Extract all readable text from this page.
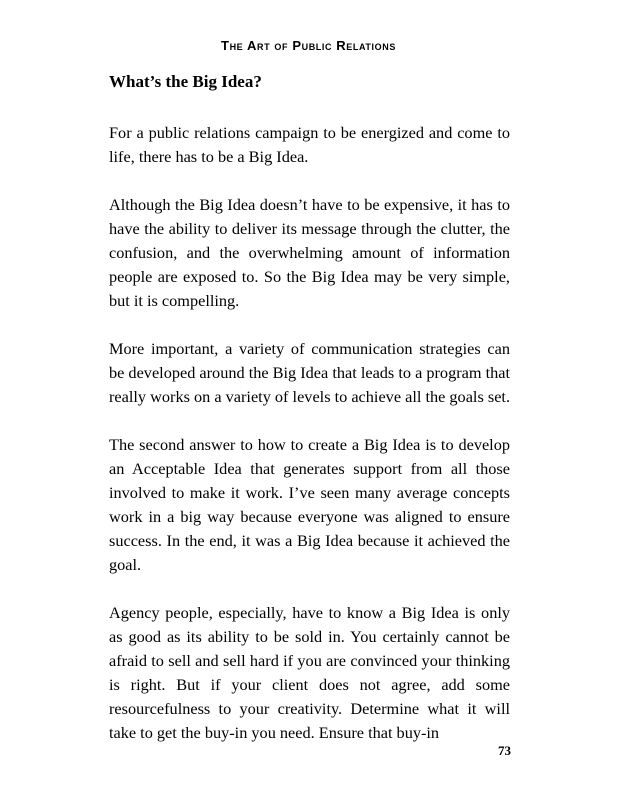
The Art of Public Relations
What’s the Big Idea?

For a public relations campaign to be energized and come to life, there has to be a Big Idea.

Although the Big Idea doesn’t have to be expensive, it has to have the ability to deliver its message through the clutter, the confusion, and the overwhelming amount of information people are exposed to. So the Big Idea may be very simple, but it is compelling.

More important, a variety of communication strategies can be developed around the Big Idea that leads to a program that really works on a variety of levels to achieve all the goals set.

The second answer to how to create a Big Idea is to develop an Acceptable Idea that generates support from all those involved to make it work. I’ve seen many average concepts work in a big way because everyone was aligned to ensure success. In the end, it was a Big Idea because it achieved the goal.

Agency people, especially, have to know a Big Idea is only as good as its ability to be sold in. You certainly cannot be afraid to sell and sell hard if you are convinced your thinking is right. But if your client does not agree, add some resourcefulness to your creativity. Determine what it will take to get the buy-in you need. Ensure that buy-in

73
